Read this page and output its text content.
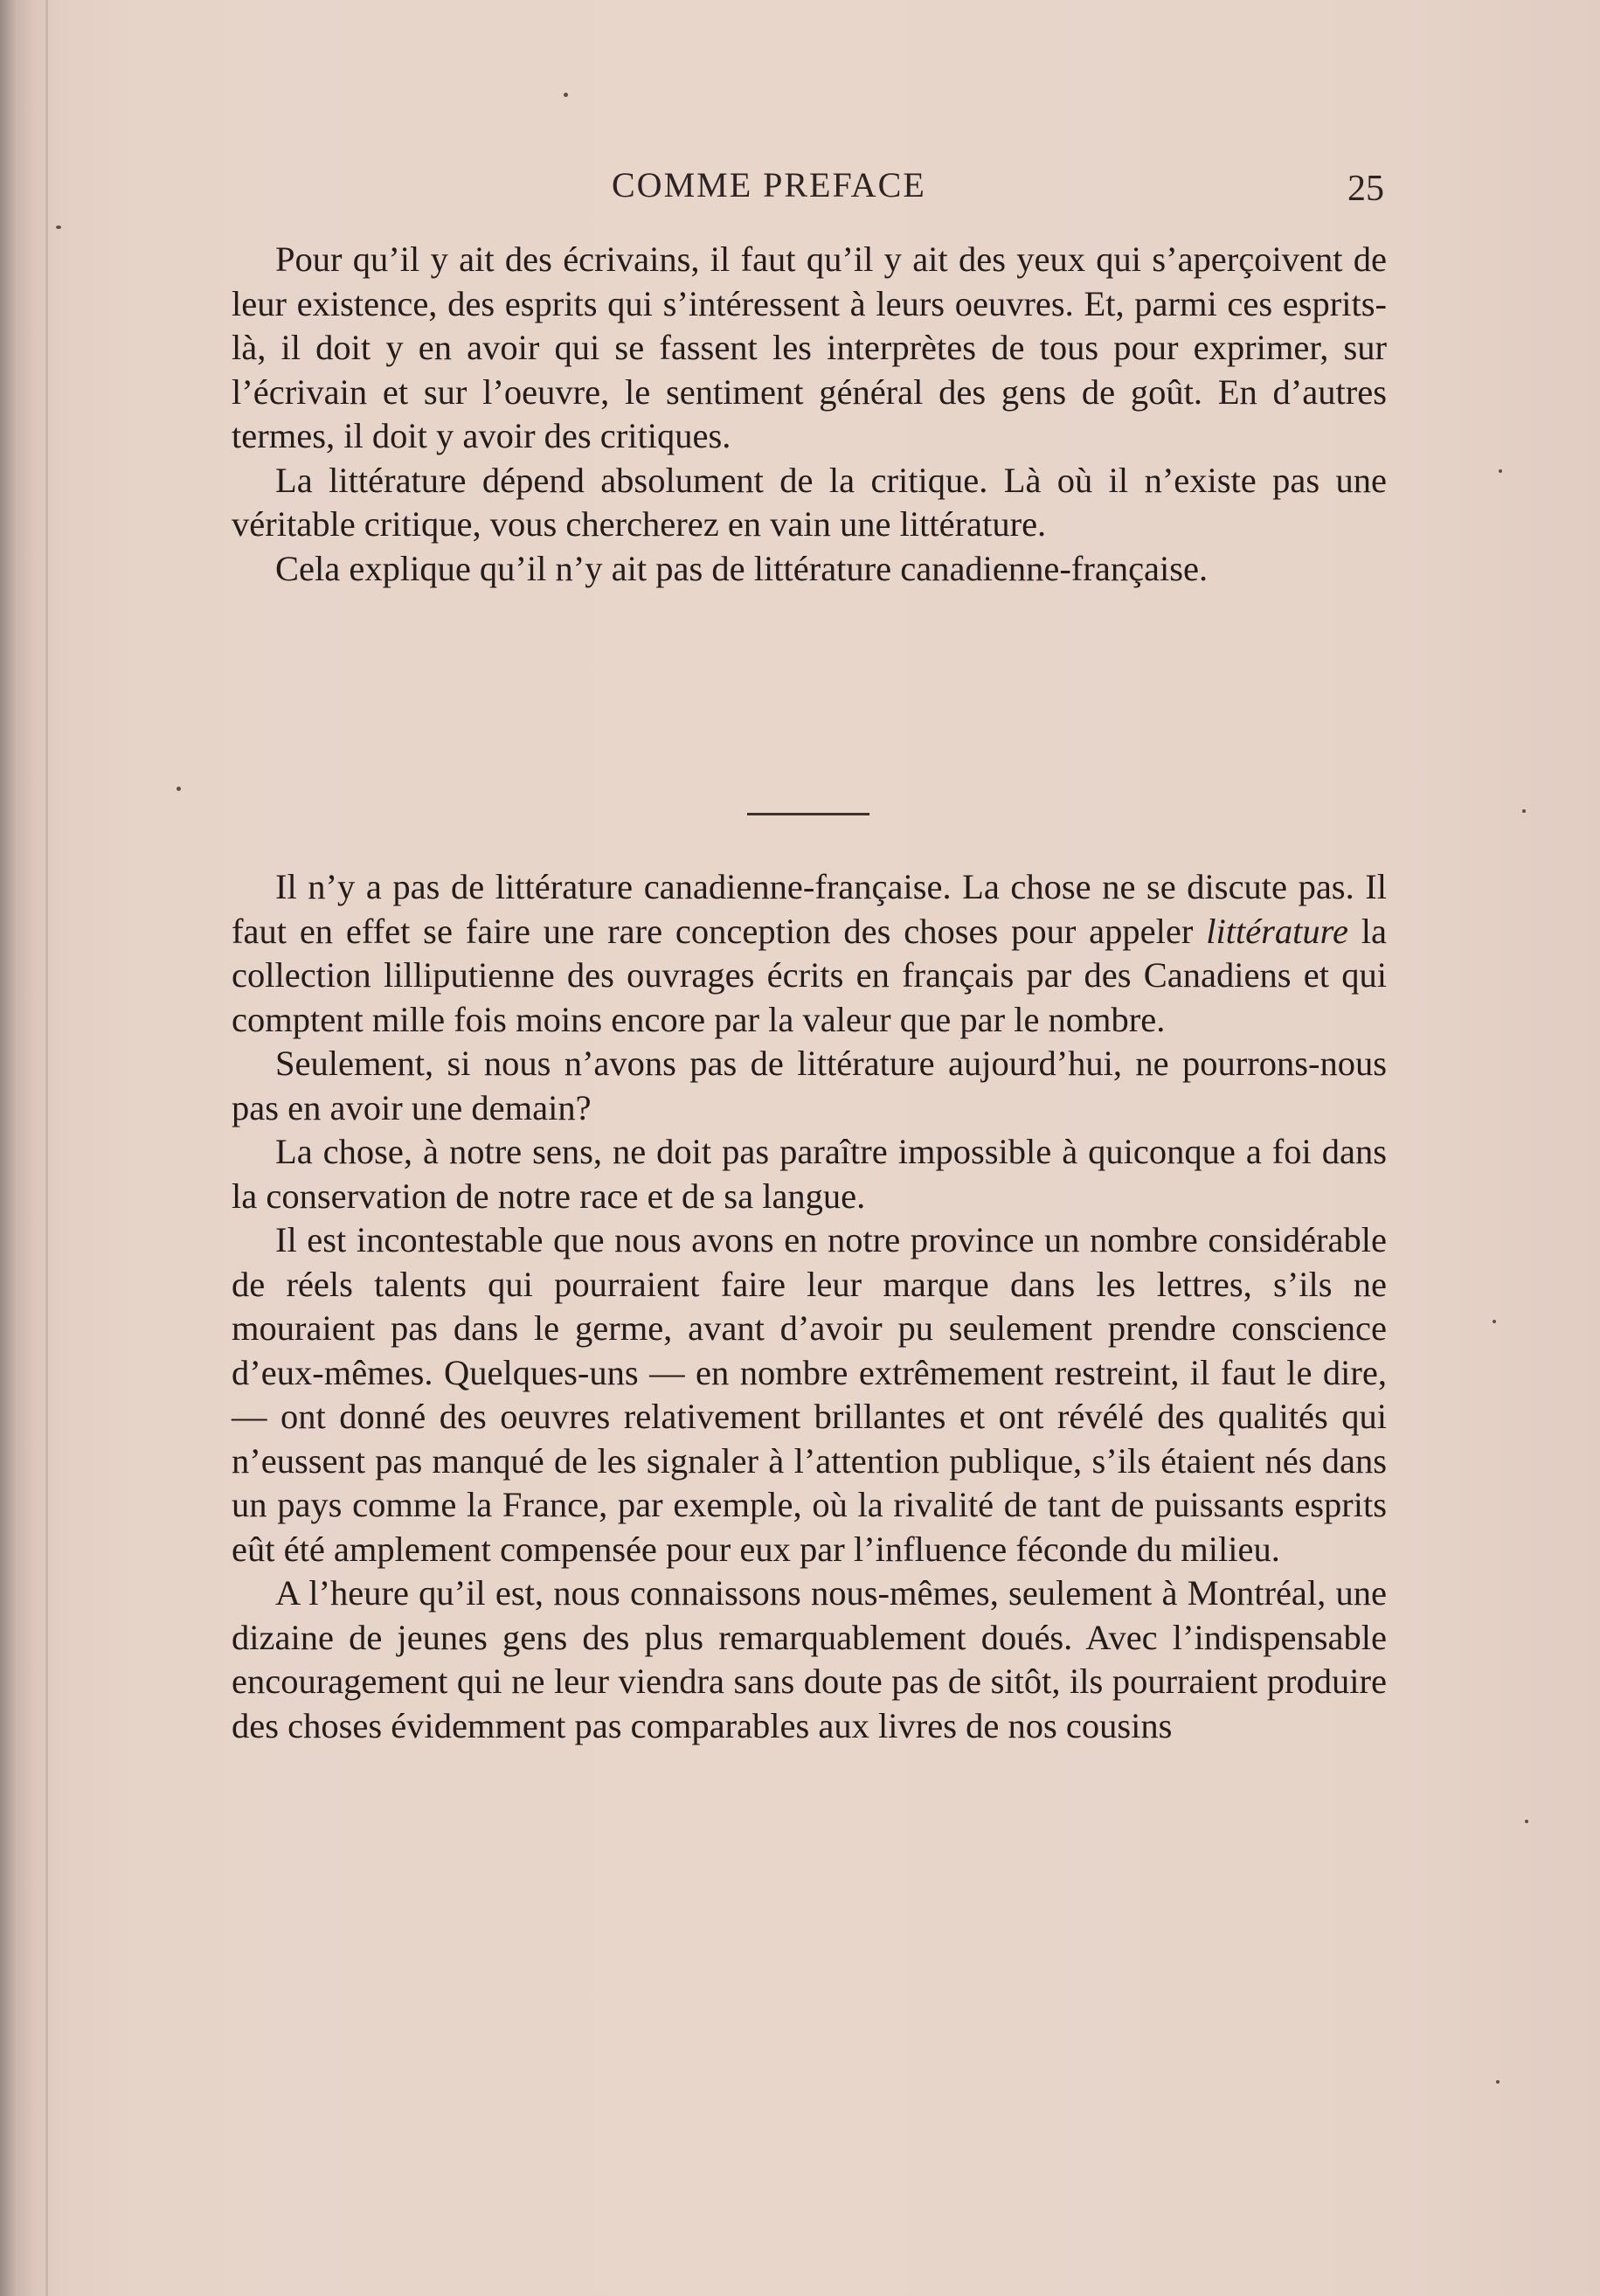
COMME PREFACE	25

Pour qu’il y ait des écrivains, il faut qu’il y ait des yeux qui s’aperçoivent de leur existence, des esprits qui s’intéressent à leurs oeuvres. Et, parmi ces esprits-là, il doit y en avoir qui se fassent les interprètes de tous pour exprimer, sur l’écrivain et sur l’oeuvre, le sentiment général des gens de goût. En d’autres termes, il doit y avoir des critiques.

La littérature dépend absolument de la critique. Là où il n’existe pas une véritable critique, vous chercherez en vain une littérature.

Cela explique qu’il n’y ait pas de littérature canadienne-française.

Il n’y a pas de littérature canadienne-française. La chose ne se discute pas. Il faut en effet se faire une rare conception des choses pour appeler littérature la collection lilliputienne des ouvrages écrits en français par des Canadiens et qui comptent mille fois moins encore par la valeur que par le nombre.

Seulement, si nous n’avons pas de littérature aujourd’hui, ne pourrons-nous pas en avoir une demain?

La chose, à notre sens, ne doit pas paraître impossible à quiconque a foi dans la conservation de notre race et de sa langue.

Il est incontestable que nous avons en notre province un nombre considérable de réels talents qui pourraient faire leur marque dans les lettres, s’ils ne mouraient pas dans le germe, avant d’avoir pu seulement prendre conscience d’eux-mêmes. Quelques-uns — en nombre extrêmement restreint, il faut le dire, — ont donné des oeuvres relativement brillantes et ont révélé des qualités qui n’eussent pas manqué de les signaler à l’attention publique, s’ils étaient nés dans un pays comme la France, par exemple, où la rivalité de tant de puissants esprits eût été amplement compensée pour eux par l’influence féconde du milieu.

A l’heure qu’il est, nous connaissons nous-mêmes, seulement à Montréal, une dizaine de jeunes gens des plus remarquablement doués. Avec l’indispensable encouragement qui ne leur viendra sans doute pas de sitôt, ils pourraient produire des choses évidemment pas comparables aux livres de nos cousins
